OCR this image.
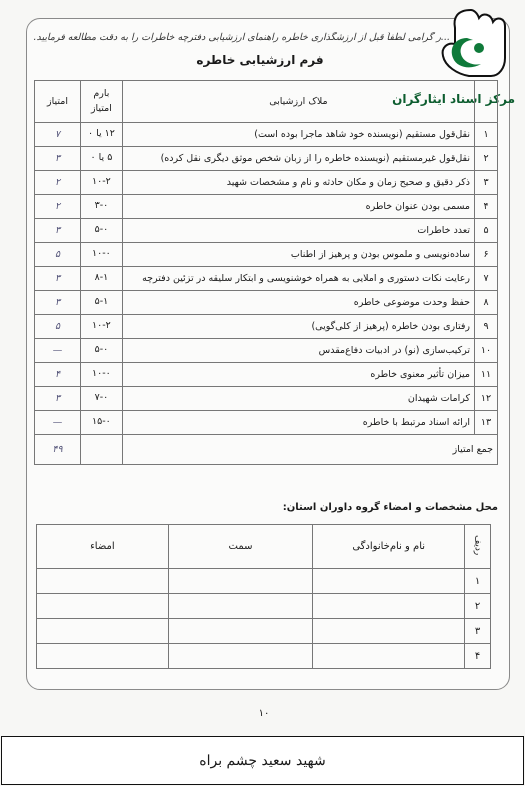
...ر گرامی لطفاً قبل از ارزشگذاری خاطره راهنمای ارزشیابی دفترچه خاطرات را به دقت مطالعه فرمایید.
مرکز اسناد ایثارگران
فرم ارزشیابی خاطره
	ملاک ارزشیابی	بارم امتیاز	امتیاز
۱	نقل‌قول مستقیم (نویسنده خود شاهد ماجرا بوده است)	۱۲ یا ۰	۷
۲	نقل‌قول غیرمستقیم (نویسنده خاطره را از زبان شخص موثق دیگری نقل کرده)	۵ یا ۰	۳
۳	ذکر دقیق و صحیح زمان و مکان حادثه و نام و مشخصات شهید	۱۰-۲	۲
۴	مسمی بودن عنوان خاطره	۳-۰	۲
۵	تعدد خاطرات	۵-۰	۳
۶	ساده‌نویسی و ملموس بودن و پرهیز از اطناب	۱۰-۰	۵
۷	رعایت نکات دستوری و املایی به همراه خوشنویسی و ابتکار سلیقه در تزئین دفترچه	۸-۱	۳
۸	حفظ وحدت موضوعی خاطره	۵-۱	۳
۹	رفتاری بودن خاطره (پرهیز از کلی‌گویی)	۱۰-۲	۵
۱۰	ترکیب‌سازی (نو) در ادبیات دفاع‌مقدس	۵-۰	—
۱۱	میزان تأثیر معنوی خاطره	۱۰-۰	۴
۱۲	کرامات شهیدان	۷-۰	۳
۱۳	ارائه اسناد مرتبط با خاطره	۱۵-۰	—
جمع امتیاز			۴۹
محل مشخصات و امضاء گروه داوران استان:
ردیف	نام و نام‌خانوادگی	سمت	امضاء
۱			
۲			
۳			
۴			
۱۰
شهید سعید چشم براه
